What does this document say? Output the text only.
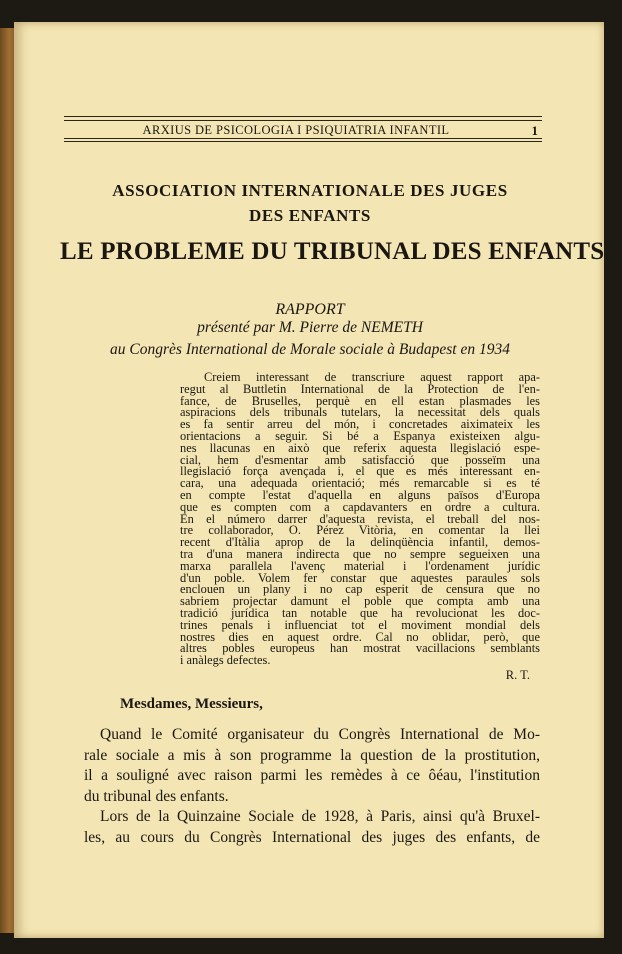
ARXIUS DE PSICOLOGIA I PSIQUIATRIA INFANTIL	1
ASSOCIATION INTERNATIONALE DES JUGES
DES ENFANTS
LE PROBLEME DU TRIBUNAL DES ENFANTS
RAPPORT
présenté par M. Pierre de NEMETH
au Congrès International de Morale sociale à Budapest en 1934
Creiem interessant de transcriure aquest rapport apa-
regut al Buttletin International de la Protection de l'en-
fance, de Bruselles, perquè en ell estan plasmades les
aspiracions dels tribunals tutelars, la necessitat dels quals
es fa sentir arreu del món, i concretades aiximateix les
orientacions a seguir. Si bé a Espanya existeixen algu-
nes llacunas en això que referix aquesta llegislació espe-
cial, hem d'esmentar amb satisfacció que posseïm una
llegislació força avençada i, el que es més interessant en-
cara, una adequada orientació; més remarcable si es té
en compte l'estat d'aquella en alguns països d'Europa
que es compten com a capdavanters en ordre a cultura.
En el número darrer d'aquesta revista, el treball del nos-
tre collaborador, O. Pérez Vitòria, en comentar la llei
recent d'Itàlia aprop de la delinqüència infantil, demos-
tra d'una manera indirecta que no sempre segueixen una
marxa parallela l'avenç material i l'ordenament jurídic
d'un poble. Volem fer constar que aquestes paraules sols
enclouen un plany i no cap esperit de censura que no
sabriem projectar damunt el poble que compta amb una
tradició jurídica tan notable que ha revolucionat les doc-
trines penals i influenciat tot el moviment mondial dels
nostres dies en aquest ordre. Cal no oblidar, però, que
altres pobles europeus han mostrat vacillacions semblants
i anàlegs defectes.
R. T.
Mesdames, Messieurs,
Quand le Comité organisateur du Congrès International de Mo-
rale sociale a mis à son programme la question de la prostitution,
il a souligné avec raison parmi les remèdes à ce ôéau, l'institution
du tribunal des enfants.
Lors de la Quinzaine Sociale de 1928, à Paris, ainsi qu'à Bruxel-
les, au cours du Congrès International des juges des enfants, de
